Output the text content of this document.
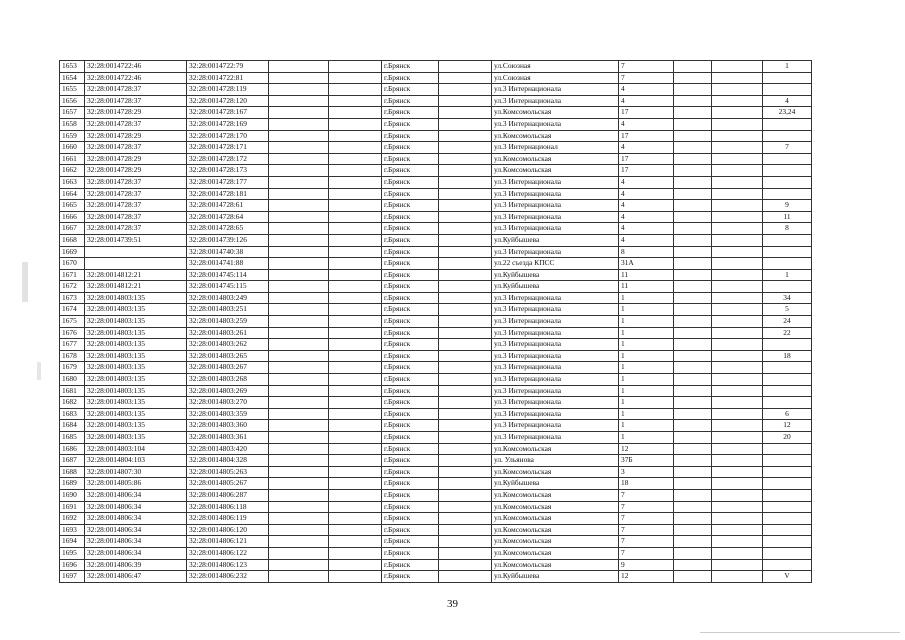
1653	32:28:0014722:46	32:28:0014722:79			г.Брянск		ул.Союзная	7			1
1654	32:28:0014722:46	32:28:0014722:81			г.Брянск		ул.Союзная	7			
1655	32:28:0014728:37	32:28:0014728:119			г.Брянск		ул.3 Интернационала	4			
1656	32:28:0014728:37	32:28:0014728:120			г.Брянск		ул.3 Интернационала	4			4
1657	32:28:0014728:29	32:28:0014728:167			г.Брянск		ул.Комсомольская	17			23,24
1658	32:28:0014728:37	32:28:0014728:169			г.Брянск		ул.3 Интернационала	4			
1659	32:28:0014728:29	32:28:0014728:170			г.Брянск		ул.Комсомольская	17			
1660	32:28:0014728:37	32:28:0014728:171			г.Брянск		ул.3 Интернационал	4			7
1661	32:28:0014728:29	32:28:0014728:172			г.Брянск		ул.Комсомольская	17			
1662	32:28:0014728:29	32:28:0014728:173			г.Брянск		ул.Комсомольская	17			
1663	32:28:0014728:37	32:28:0014728:177			г.Брянск		ул.3 Интернационала	4			
1664	32:28:0014728:37	32:28:0014728:181			г.Брянск		ул.3 Интернационала	4			
1665	32:28:0014728:37	32:28:0014728:61			г.Брянск		ул.3 Интернационала	4			9
1666	32:28:0014728:37	32:28:0014728:64			г.Брянск		ул.3 Интернационала	4			11
1667	32:28:0014728:37	32:28:0014728:65			г.Брянск		ул.3 Интернационала	4			8
1668	32:28:0014739:51	32:28:0014739:126			г.Брянск		ул.Куйбышева	4			
1669		32:28:0014740:38			г.Брянск		ул.3 Интернационала	8			
1670		32:28:0014741:88			г.Брянск		ул.22 съезда КПСС	31А			
1671	32:28:0014812:21	32:28:0014745:114			г.Брянск		ул.Куйбышева	11			1
1672	32:28:0014812:21	32:28:0014745:115			г.Брянск		ул.Куйбышева	11			
1673	32:28:0014803:135	32:28:0014803:249			г.Брянск		ул.3 Интернационала	1			34
1674	32:28:0014803:135	32:28:0014803:251			г.Брянск		ул.3 Интернационала	1			5
1675	32:28:0014803:135	32:28:0014803:259			г.Брянск		ул.3 Интернационала	1			24
1676	32:28:0014803:135	32:28:0014803:261			г.Брянск		ул.3 Интернационала	1			22
1677	32:28:0014803:135	32:28:0014803:262			г.Брянск		ул.3 Интернационала	1			
1678	32:28:0014803:135	32:28:0014803:265			г.Брянск		ул.3 Интернационала	1			18
1679	32:28:0014803:135	32:28:0014803:267			г.Брянск		ул.3 Интернационала	1			
1680	32:28:0014803:135	32:28:0014803:268			г.Брянск		ул.3 Интернационала	1			
1681	32:28:0014803:135	32:28:0014803:269			г.Брянск		ул.3 Интернационала	1			
1682	32:28:0014803:135	32:28:0014803:270			г.Брянск		ул.3 Интернационала	1			
1683	32:28:0014803:135	32:28:0014803:359			г.Брянск		ул.3 Интернационала	1			6
1684	32:28:0014803:135	32:28:0014803:360			г.Брянск		ул.3 Интернационала	1			12
1685	32:28:0014803:135	32:28:0014803:361			г.Брянск		ул.3 Интернационала	1			20
1686	32:28:0014803:104	32:28:0014803:420			г.Брянск		ул.Комсомольская	12			
1687	32:28:0014804:103	32:28:0014804:328			г.Брянск		ул. Ульянова	37Б			
1688	32:28:0014807:30	32:28:0014805:263			г.Брянск		ул.Комсомольская	3			
1689	32:28:0014805:86	32:28:0014805:267			г.Брянск		ул.Куйбышева	18			
1690	32:28:0014806:34	32:28:0014806:287			г.Брянск		ул.Комсомольская	7			
1691	32:28:0014806:34	32:28:0014806:118			г.Брянск		ул.Комсомольская	7			
1692	32:28:0014806:34	32:28:0014806:119			г.Брянск		ул.Комсомольская	7			
1693	32:28:0014806:34	32:28:0014806:120			г.Брянск		ул.Комсомольская	7			
1694	32:28:0014806:34	32:28:0014806:121			г.Брянск		ул.Комсомольская	7			
1695	32:28:0014806:34	32:28:0014806:122			г.Брянск		ул.Комсомольская	7			
1696	32:28:0014806:39	32:28:0014806:123			г.Брянск		ул.Комсомольская	9			
1697	32:28:0014806:47	32:28:0014806:232			г.Брянск		ул.Куйбышева	12			V
39
